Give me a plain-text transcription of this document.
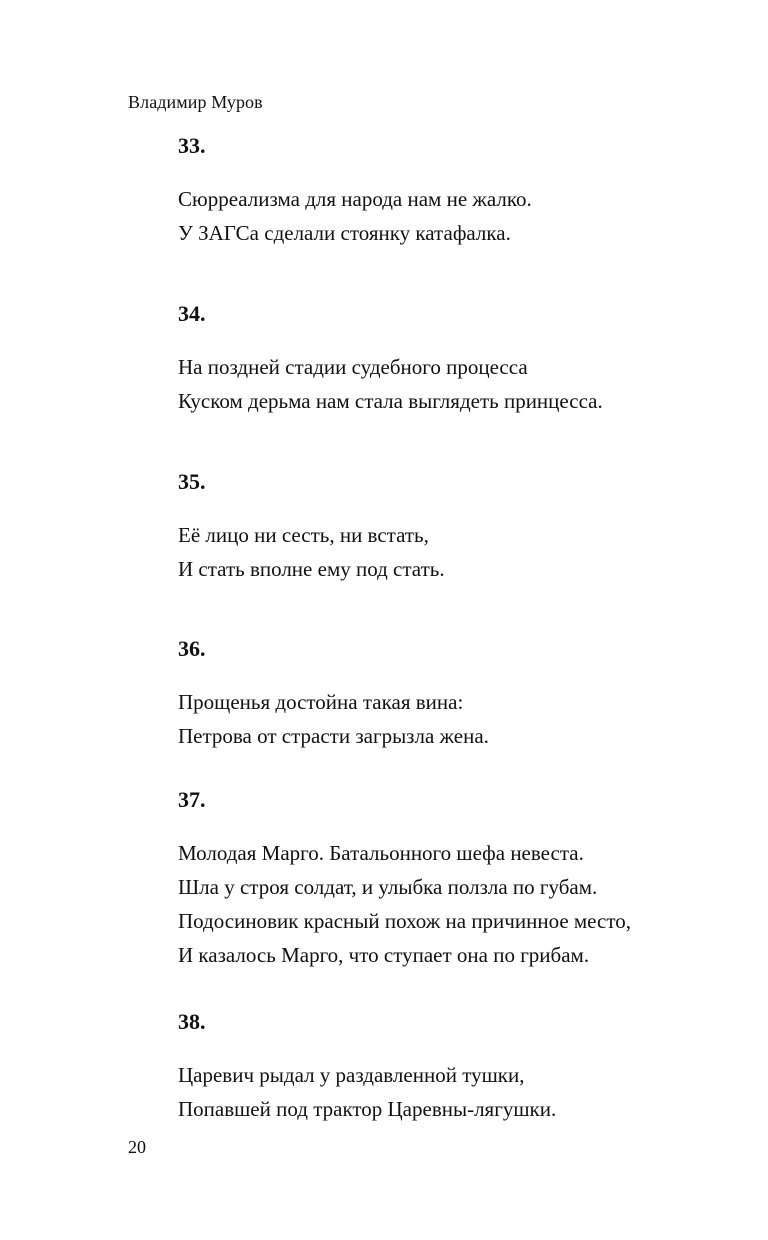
Владимир Муров
33.
Сюрреализма для народа нам не жалко.
У ЗАГСа сделали стоянку катафалка.
34.
На поздней стадии судебного процесса
Куском дерьма нам стала выглядеть принцесса.
35.
Её лицо ни сесть, ни встать,
И стать вполне ему под стать.
36.
Прощенья достойна такая вина:
Петрова от страсти загрызла жена.
37.
Молодая Марго. Батальонного шефа невеста.
Шла у строя солдат, и улыбка ползла по губам.
Подосиновик красный похож на причинное место,
И казалось Марго, что ступает она по грибам.
38.
Царевич рыдал у раздавленной тушки,
Попавшей под трактор Царевны-лягушки.
20
